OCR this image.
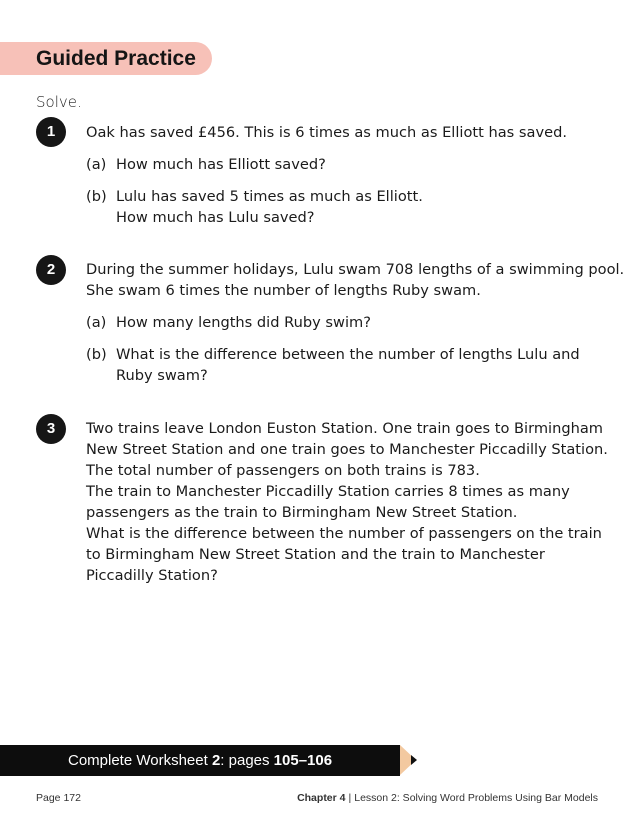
Guided Practice
Solve.
1	Oak has saved £456. This is 6 times as much as Elliott has saved.
(a) How much has Elliott saved?
(b) Lulu has saved 5 times as much as Elliott.
How much has Lulu saved?
2	During the summer holidays, Lulu swam 708 lengths of a swimming pool.
She swam 6 times the number of lengths Ruby swam.
(a) How many lengths did Ruby swim?
(b) What is the difference between the number of lengths Lulu and
Ruby swam?
3	Two trains leave London Euston Station. One train goes to Birmingham
New Street Station and one train goes to Manchester Piccadilly Station.
The total number of passengers on both trains is 783.
The train to Manchester Piccadilly Station carries 8 times as many
passengers as the train to Birmingham New Street Station.
What is the difference between the number of passengers on the train
to Birmingham New Street Station and the train to Manchester
Piccadilly Station?
Complete Worksheet 2: pages 105–106
Page 172	Chapter 4 | Lesson 2: Solving Word Problems Using Bar Models
